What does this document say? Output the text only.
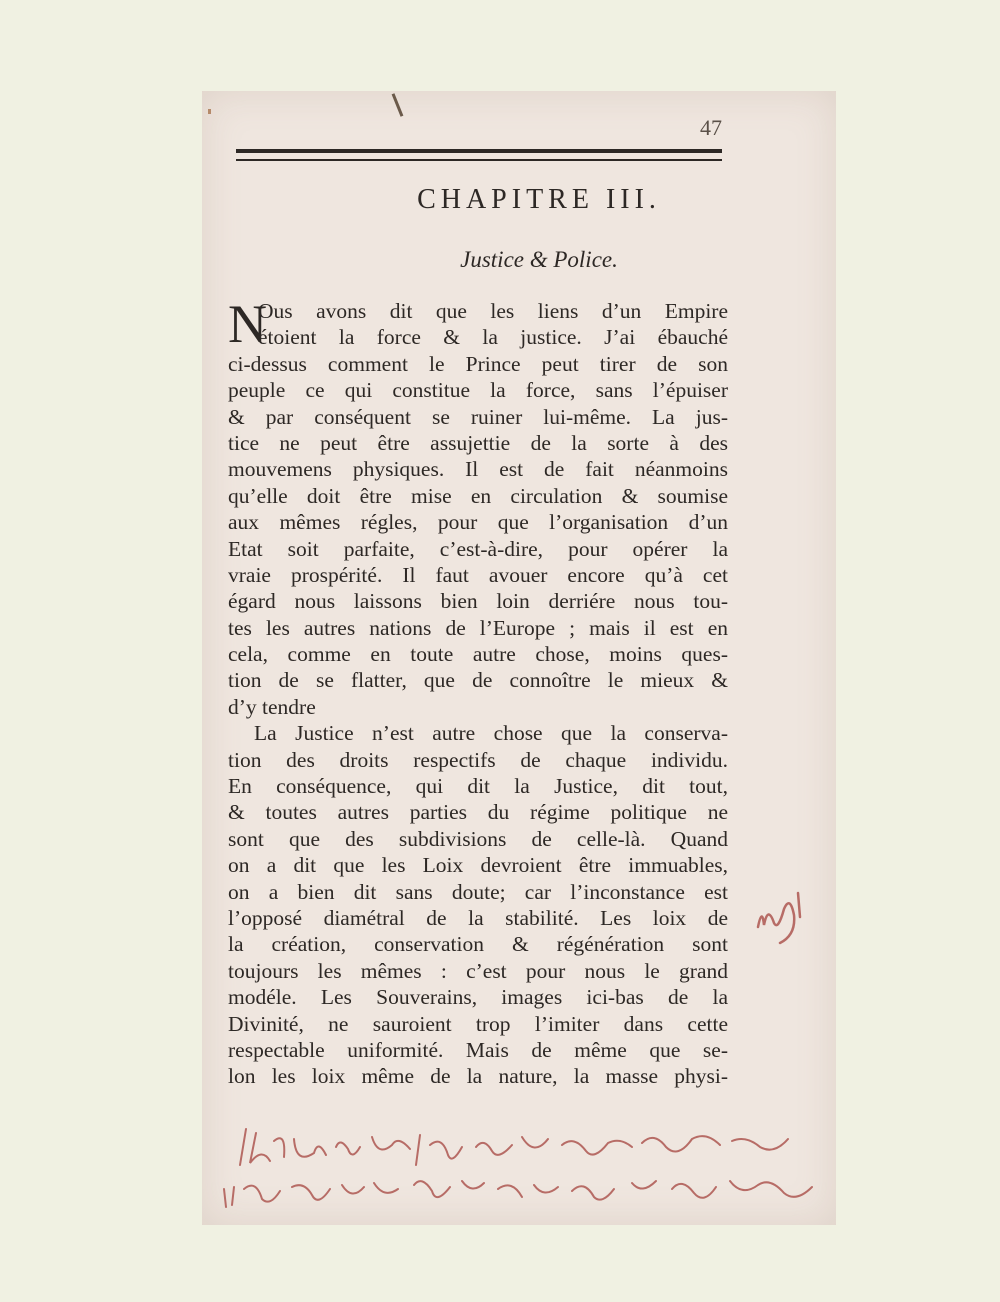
47
CHAPITRE III.
Justice & Police.
N
Ous avons dit que les liens d’un Empire
étoient la force & la justice. J’ai ébauché
ci-dessus comment le Prince peut tirer de son
peuple ce qui constitue la force, sans l’épuiser
& par conséquent se ruiner lui-même. La jus-
tice ne peut être assujettie de la sorte à des
mouvemens physiques. Il est de fait néanmoins
qu’elle doit être mise en circulation & soumise
aux mêmes régles, pour que l’organisation d’un
Etat soit parfaite, c’est-à-dire, pour opérer la
vraie prospérité. Il faut avouer encore qu’à cet
égard nous laissons bien loin derriére nous tou-
tes les autres nations de l’Europe ; mais il est en
cela, comme en toute autre chose, moins ques-
tion de se flatter, que de connoître le mieux &
d’y tendre
La Justice n’est autre chose que la conserva-
tion des droits respectifs de chaque individu.
En conséquence, qui dit la Justice, dit tout,
& toutes autres parties du régime politique ne
sont que des subdivisions de celle-là. Quand
on a dit que les Loix devroient être immuables,
on a bien dit sans doute; car l’inconstance est
l’opposé diamétral de la stabilité. Les loix de
la création, conservation & régénération sont
toujours les mêmes : c’est pour nous le grand
modéle. Les Souverains, images ici-bas de la
Divinité, ne sauroient trop l’imiter dans cette
respectable uniformité. Mais de même que se-
lon les loix même de la nature, la masse physi-
